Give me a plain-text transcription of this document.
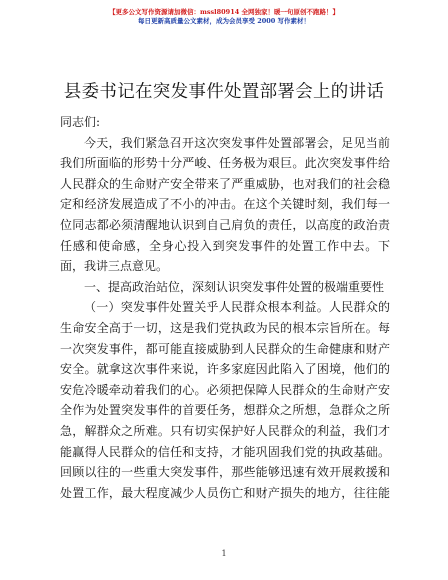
【更多公文写作资源请加微信：mssl80914 全网独家！暖一句原创不跑路！】
每日更新高质量公文素材，成为会员享受 2000 写作素材！
县委书记在突发事件处置部署会上的讲话
同志们:
今天，我们紧急召开这次突发事件处置部署会，足见当前
我们所面临的形势十分严峻、任务极为艰巨。此次突发事件给
人民群众的生命财产安全带来了严重威胁，也对我们的社会稳
定和经济发展造成了不小的冲击。在这个关键时刻，我们每一
位同志都必须清醒地认识到自己肩负的责任，以高度的政治责
任感和使命感，全身心投入到突发事件的处置工作中去。下
面，我讲三点意见。
一、提高政治站位，深刻认识突发事件处置的极端重要性
（一）突发事件处置关乎人民群众根本利益。人民群众的
生命安全高于一切，这是我们党执政为民的根本宗旨所在。每
一次突发事件，都可能直接威胁到人民群众的生命健康和财产
安全。就拿这次事件来说，许多家庭因此陷入了困境，他们的
安危冷暖牵动着我们的心。必须把保障人民群众的生命财产安
全作为处置突发事件的首要任务，想群众之所想，急群众之所
急，解群众之所难。只有切实保护好人民群众的利益，我们才
能赢得人民群众的信任和支持，才能巩固我们党的执政基础。
回顾以往的一些重大突发事件，那些能够迅速有效开展救援和
处置工作，最大程度减少人员伤亡和财产损失的地方，往往能
1
